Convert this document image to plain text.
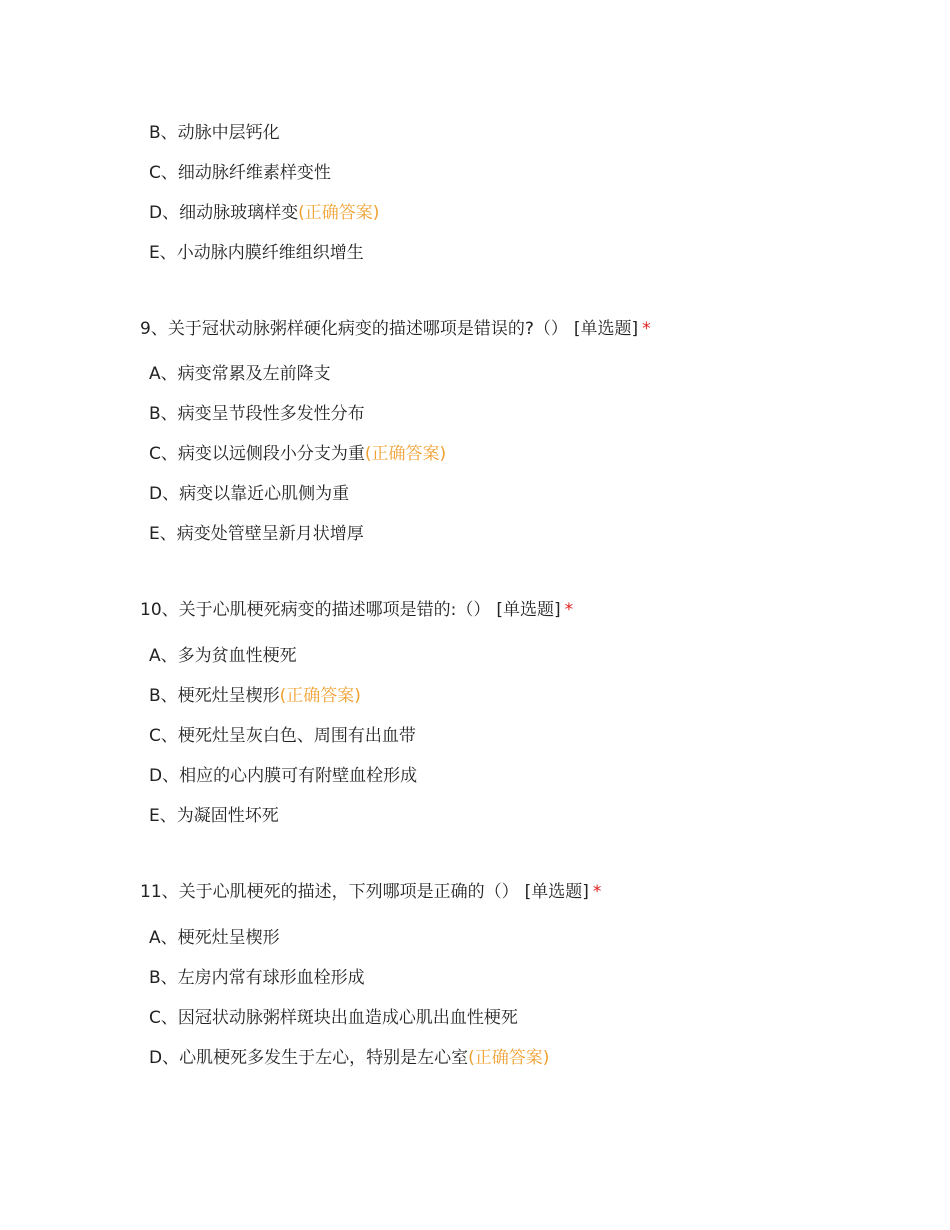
B、动脉中层钙化
C、细动脉纤维素样变性
D、细动脉玻璃样变(正确答案)
E、小动脉内膜纤维组织增生
9、关于冠状动脉粥样硬化病变的描述哪项是错误的?（） [单选题] *
A、病变常累及左前降支
B、病变呈节段性多发性分布
C、病变以远侧段小分支为重(正确答案)
D、病变以靠近心肌侧为重
E、病变处管壁呈新月状增厚
10、关于心肌梗死病变的描述哪项是错的:（） [单选题] *
A、多为贫血性梗死
B、梗死灶呈楔形(正确答案)
C、梗死灶呈灰白色、周围有出血带
D、相应的心内膜可有附壁血栓形成
E、为凝固性坏死
11、关于心肌梗死的描述，下列哪项是正确的（） [单选题] *
A、梗死灶呈楔形
B、左房内常有球形血栓形成
C、因冠状动脉粥样斑块出血造成心肌出血性梗死
D、心肌梗死多发生于左心，特别是左心室(正确答案)
